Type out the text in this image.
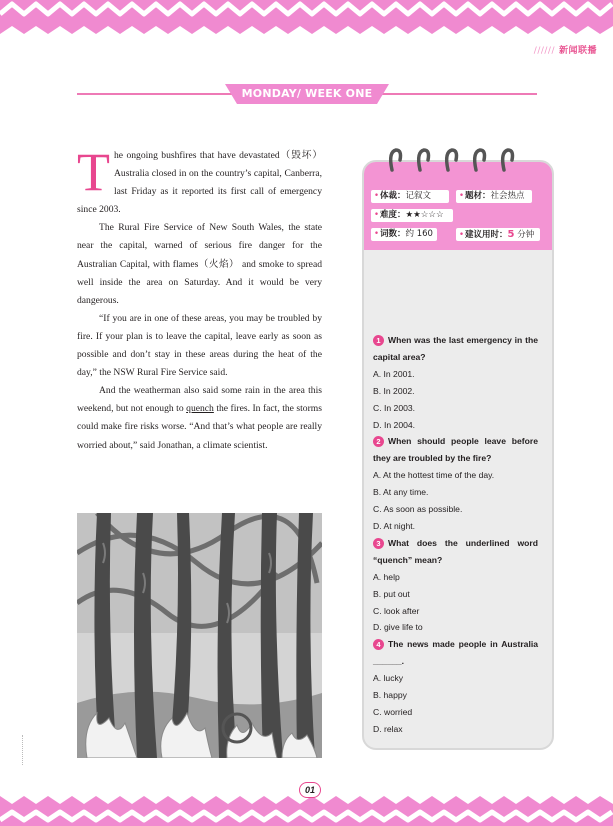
////// 新闻联播
MONDAY/ WEEK ONE

The ongoing bushfires that have devastated（毁坏）Australia closed in on the country’s capital, Canberra, last Friday as it reported its first call of emergency since 2003.

The Rural Fire Service of New South Wales, the state near the capital, warned of serious fire danger for the Australian Capital, with flames（火焰） and smoke to spread well inside the area on Saturday. And it would be very dangerous.

“If you are in one of these areas, you may be troubled by fire. If your plan is to leave the capital, leave early as soon as possible and don’t stay in these areas during the heat of the day,” the NSW Rural Fire Service said.

And the weatherman also said some rain in the area this weekend, but not enough to quench the fires. In fact, the storms could make fire risks worse. “And that’s what people are really worried about,” said Jonathan, a climate scientist.

•体裁：记叙文	•题材：社会热点
•难度：★★☆☆☆
•词数：约 160	•建议用时：5 分钟
1 When was the last emergency in the capital area?
A. In 2001.
B. In 2002.
C. In 2003.
D. In 2004.
2 When should people leave before they are troubled by the fire?
A. At the hottest time of the day.
B. At any time.
C. As soon as possible.
D. At night.
3 What does the underlined word “quench” mean?
A. help
B. put out
C. look after
D. give life to
4 The news made people in Australia ______.
A. lucky
B. happy
C. worried
D. relax
01
